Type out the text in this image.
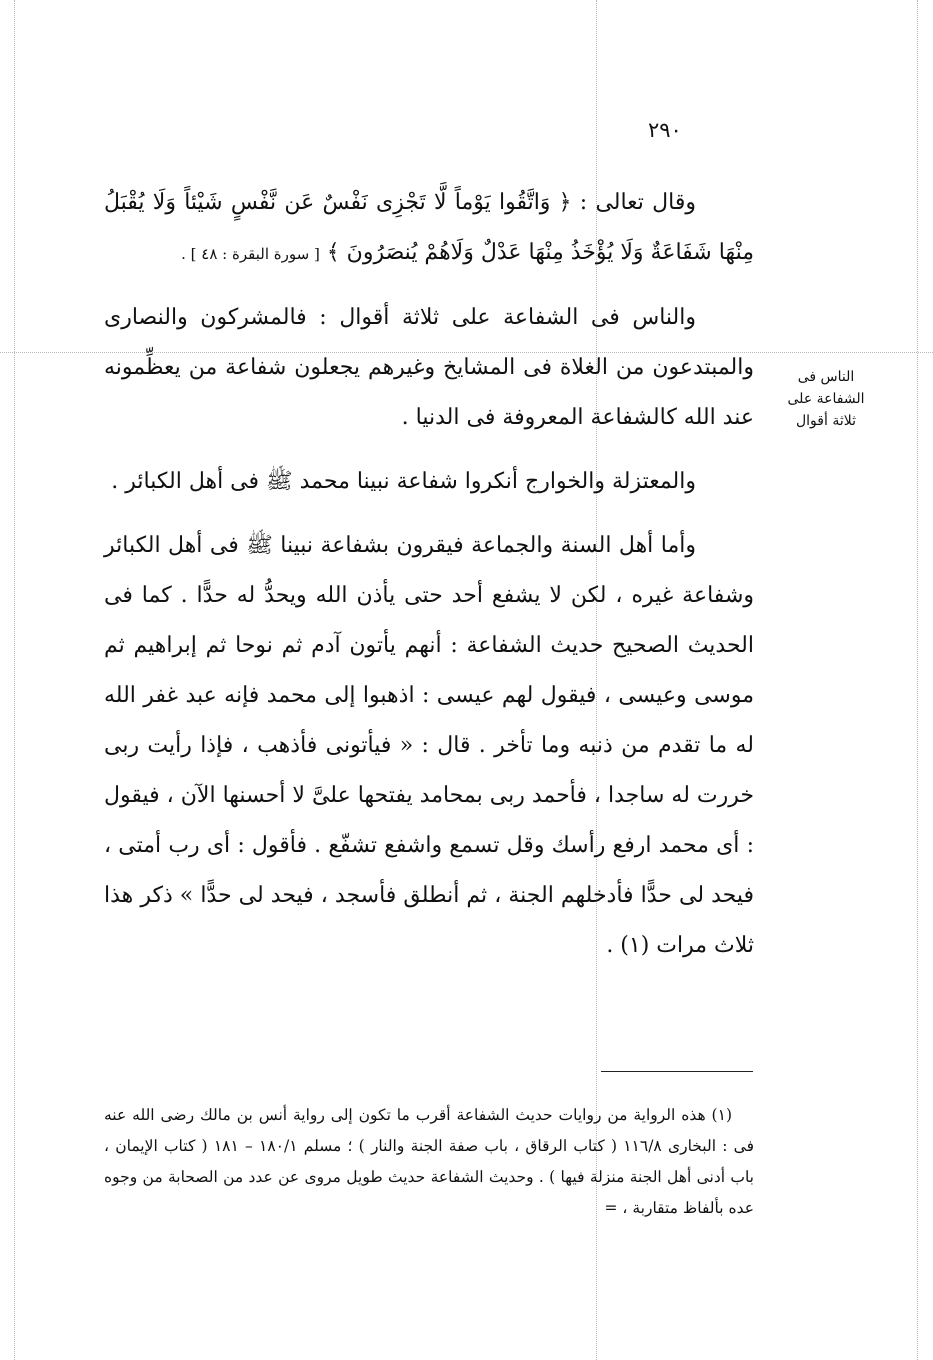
٢٩٠
الناس فى الشفاعة على ثلاثة أقوال

وقال تعالى : ﴿ وَاتَّقُوا يَوْماً لَّا تَجْزِى نَفْسٌ عَن نَّفْسٍ شَيْئاً وَلَا يُقْبَلُ مِنْهَا شَفَاعَةٌ وَلَا يُؤْخَذُ مِنْهَا عَدْلٌ وَلَاهُمْ يُنصَرُونَ ﴾ [ سورة البقرة : ٤٨ ] .

والناس فى الشفاعة على ثلاثة أقوال : فالمشركون والنصارى والمبتدعون من الغلاة فى المشايخ وغيرهم يجعلون شفاعة من يعظِّمونه عند الله كالشفاعة المعروفة فى الدنيا .

والمعتزلة والخوارج أنكروا شفاعة نبينا محمد ﷺ فى أهل الكبائر .

وأما أهل السنة والجماعة فيقرون بشفاعة نبينا ﷺ فى أهل الكبائر وشفاعة غيره ، لكن لا يشفع أحد حتى يأذن الله ويحدُّ له حدًّا . كما فى الحديث الصحيح حديث الشفاعة : أنهم يأتون آدم ثم نوحا ثم إبراهيم ثم موسى وعيسى ، فيقول لهم عيسى : اذهبوا إلى محمد فإنه عبد غفر الله له ما تقدم من ذنبه وما تأخر . قال : « فيأتونى فأذهب ، فإذا رأيت ربى خررت له ساجدا ، فأحمد ربى بمحامد يفتحها علىَّ لا أحسنها الآن ، فيقول : أى محمد ارفع رأسك وقل تسمع واشفع تشفّع . فأقول : أى رب أمتى ، فيحد لى حدًّا فأدخلهم الجنة ، ثم أنطلق فأسجد ، فيحد لى حدًّا » ذكر هذا ثلاث مرات (١) .

(١) هذه الرواية من روايات حديث الشفاعة أقرب ما تكون إلى رواية أنس بن مالك رضى الله عنه فى : البخارى ١١٦/٨ ( كتاب الرقاق ، باب صفة الجنة والنار ) ؛ مسلم ١٨٠/١ – ١٨١ ( كتاب الإيمان ، باب أدنى أهل الجنة منزلة فيها ) . وحديث الشفاعة حديث طويل مروى عن عدد من الصحابة من وجوه عده بألفاظ متقاربة ، =
